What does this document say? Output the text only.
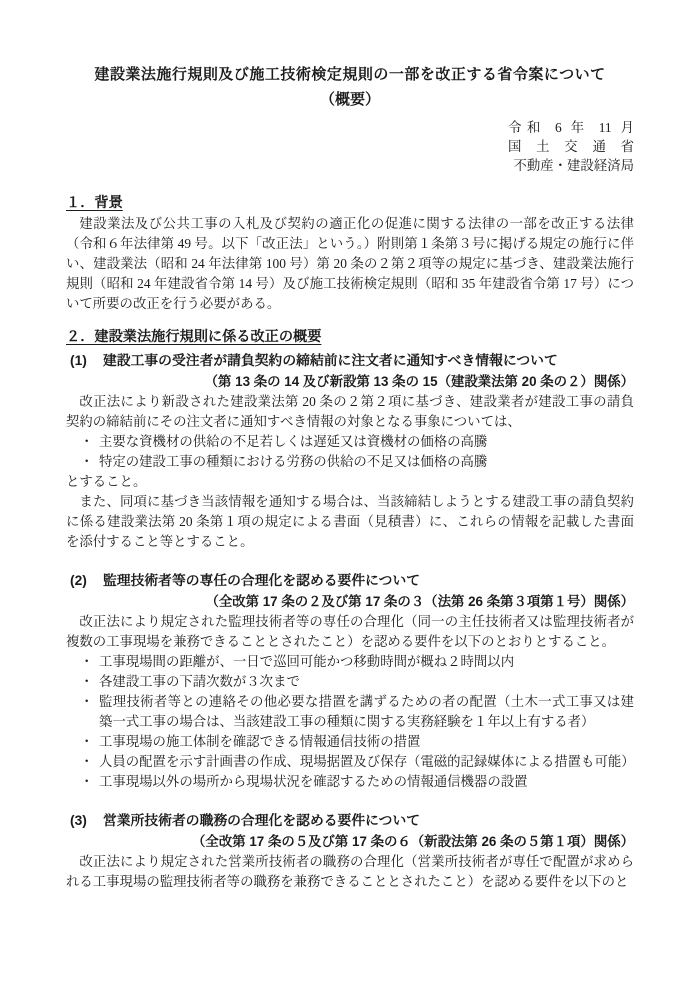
建設業法施行規則及び施工技術検定規則の一部を改正する省令案について
（概要）
令和 6 年 11 月
国 土 交 通 省
不動産・建設経済局
１．背景

建設業法及び公共工事の入札及び契約の適正化の促進に関する法律の一部を改正する法律（令和６年法律第 49 号。以下「改正法」という。）附則第１条第３号に掲げる規定の施行に伴い、建設業法（昭和 24 年法律第 100 号）第 20 条の２第２項等の規定に基づき、建設業法施行規則（昭和 24 年建設省令第 14 号）及び施工技術検定規則（昭和 35 年建設省令第 17 号）について所要の改正を行う必要がある。

２．建設業法施行規則に係る改正の概要
(1)	建設工事の受注者が請負契約の締結前に注文者に通知すべき情報について
（第 13 条の 14 及び新設第 13 条の 15（建設業法第 20 条の２）関係）

改正法により新設された建設業法第 20 条の２第２項に基づき、建設業者が建設工事の請負契約の締結前にその注文者に通知すべき情報の対象となる事象については、

・ 主要な資機材の供給の不足若しくは遅延又は資機材の価格の高騰
・ 特定の建設工事の種類における労務の供給の不足又は価格の高騰

とすること。

また、同項に基づき当該情報を通知する場合は、当該締結しようとする建設工事の請負契約に係る建設業法第 20 条第１項の規定による書面（見積書）に、これらの情報を記載した書面を添付すること等とすること。

(2)	監理技術者等の専任の合理化を認める要件について
（全改第 17 条の２及び第 17 条の３（法第 26 条第３項第１号）関係）

改正法により規定された監理技術者等の専任の合理化（同一の主任技術者又は監理技術者が複数の工事現場を兼務できることとされたこと）を認める要件を以下のとおりとすること。

・ 工事現場間の距離が、一日で巡回可能かつ移動時間が概ね２時間以内
・ 各建設工事の下請次数が３次まで
・ 監理技術者等との連絡その他必要な措置を講ずるための者の配置（土木一式工事又は建築一式工事の場合は、当該建設工事の種類に関する実務経験を１年以上有する者）
・ 工事現場の施工体制を確認できる情報通信技術の措置
・ 人員の配置を示す計画書の作成、現場据置及び保存（電磁的記録媒体による措置も可能）
・ 工事現場以外の場所から現場状況を確認するための情報通信機器の設置
(3)	営業所技術者の職務の合理化を認める要件について
（全改第 17 条の５及び第 17 条の６（新設法第 26 条の５第１項）関係）

改正法により規定された営業所技術者の職務の合理化（営業所技術者が専任で配置が求められる工事現場の監理技術者等の職務を兼務できることとされたこと）を認める要件を以下のと
